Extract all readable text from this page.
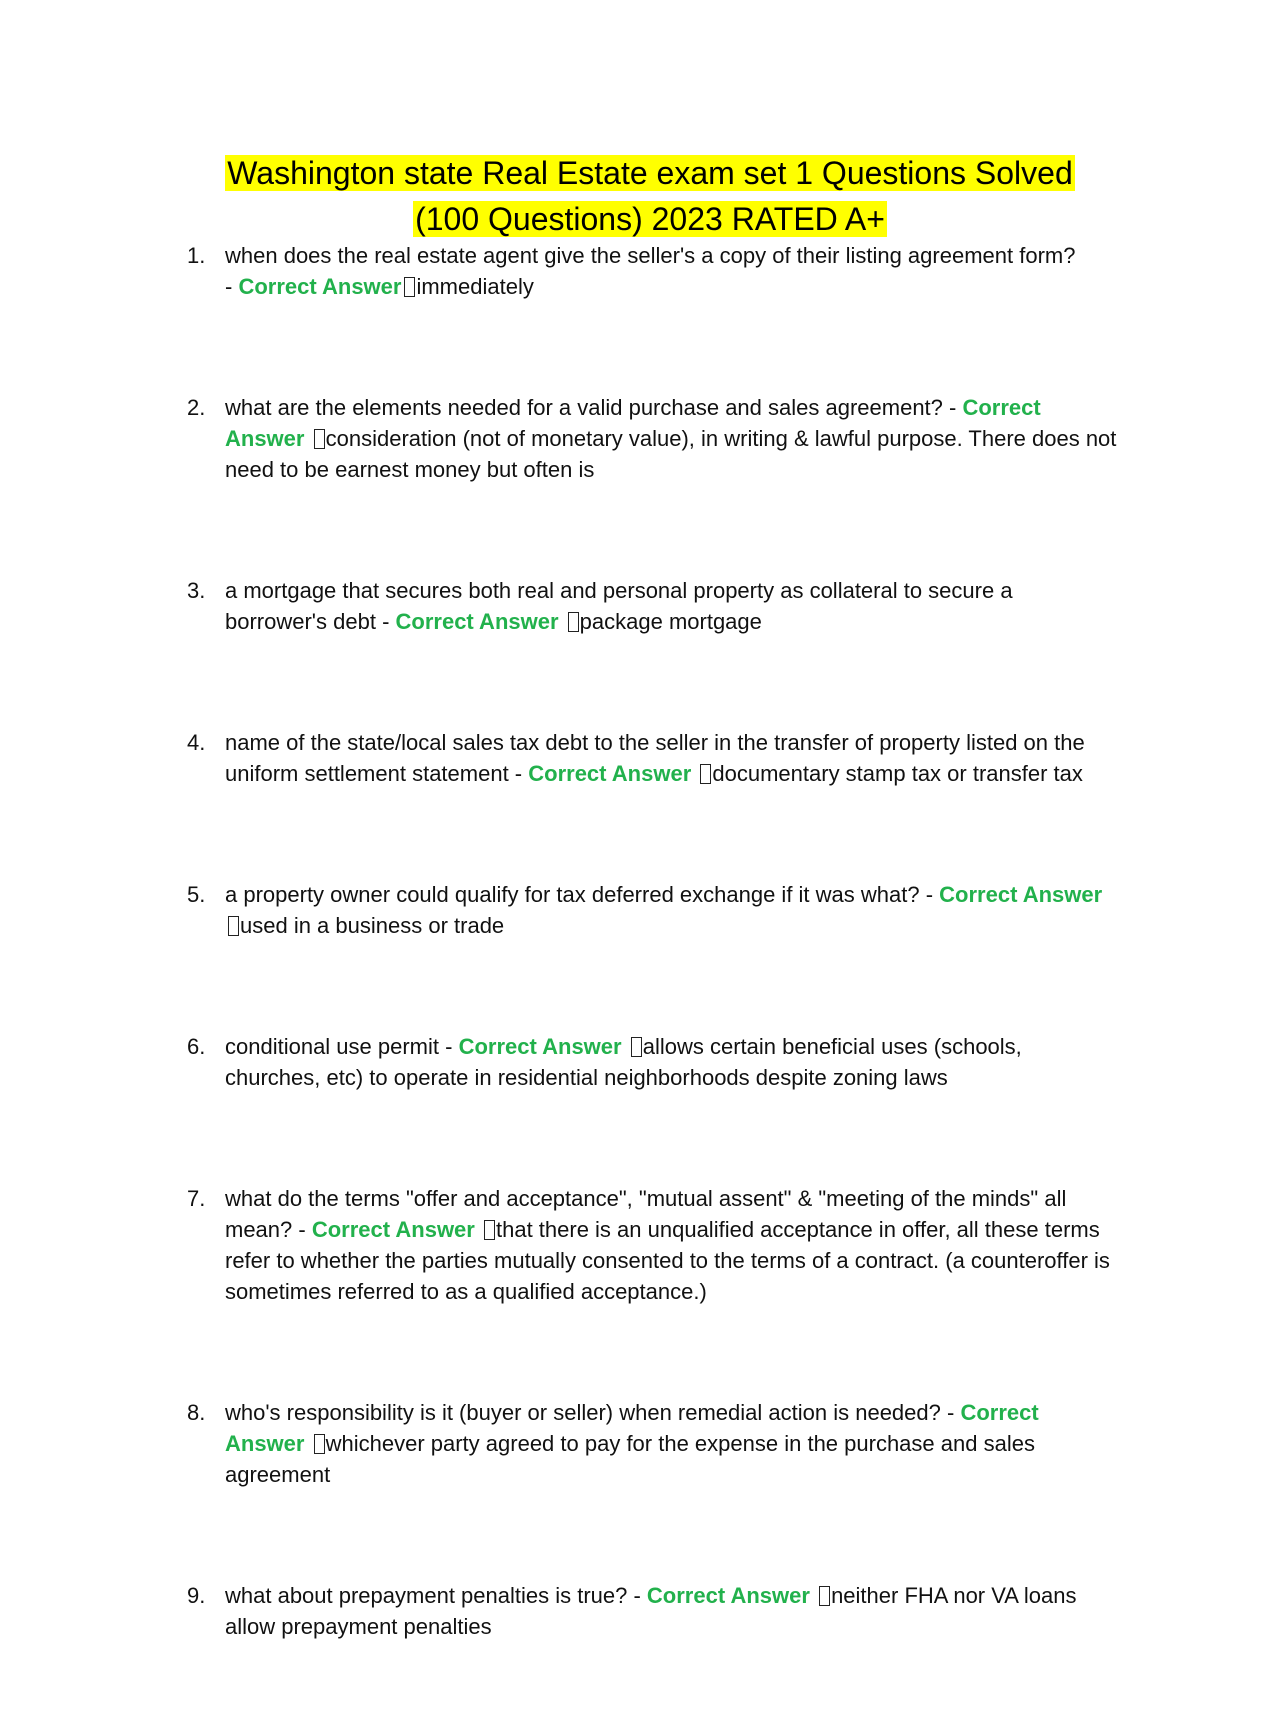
Washington state Real Estate exam set 1 Questions Solved
(100 Questions) 2023 RATED A+
1. when does the real estate agent give the seller's a copy of their listing agreement form?
- Correct Answer immediately
2. what are the elements needed for a valid purchase and sales agreement? - Correct Answer consideration (not of monetary value), in writing & lawful purpose. There does not need to be earnest money but often is
3. a mortgage that secures both real and personal property as collateral to secure a borrower's debt - Correct Answer package mortgage
4. name of the state/local sales tax debt to the seller in the transfer of property listed on the uniform settlement statement - Correct Answer documentary stamp tax or transfer tax
5. a property owner could qualify for tax deferred exchange if it was what? - Correct Answer used in a business or trade
6. conditional use permit - Correct Answer allows certain beneficial uses (schools, churches, etc) to operate in residential neighborhoods despite zoning laws
7. what do the terms "offer and acceptance", "mutual assent" & "meeting of the minds" all mean? - Correct Answer that there is an unqualified acceptance in offer, all these terms refer to whether the parties mutually consented to the terms of a contract. (a counteroffer is sometimes referred to as a qualified acceptance.)
8. who's responsibility is it (buyer or seller) when remedial action is needed? - Correct Answer whichever party agreed to pay for the expense in the purchase and sales agreement
9. what about prepayment penalties is true? - Correct Answer neither FHA nor VA loans allow prepayment penalties
